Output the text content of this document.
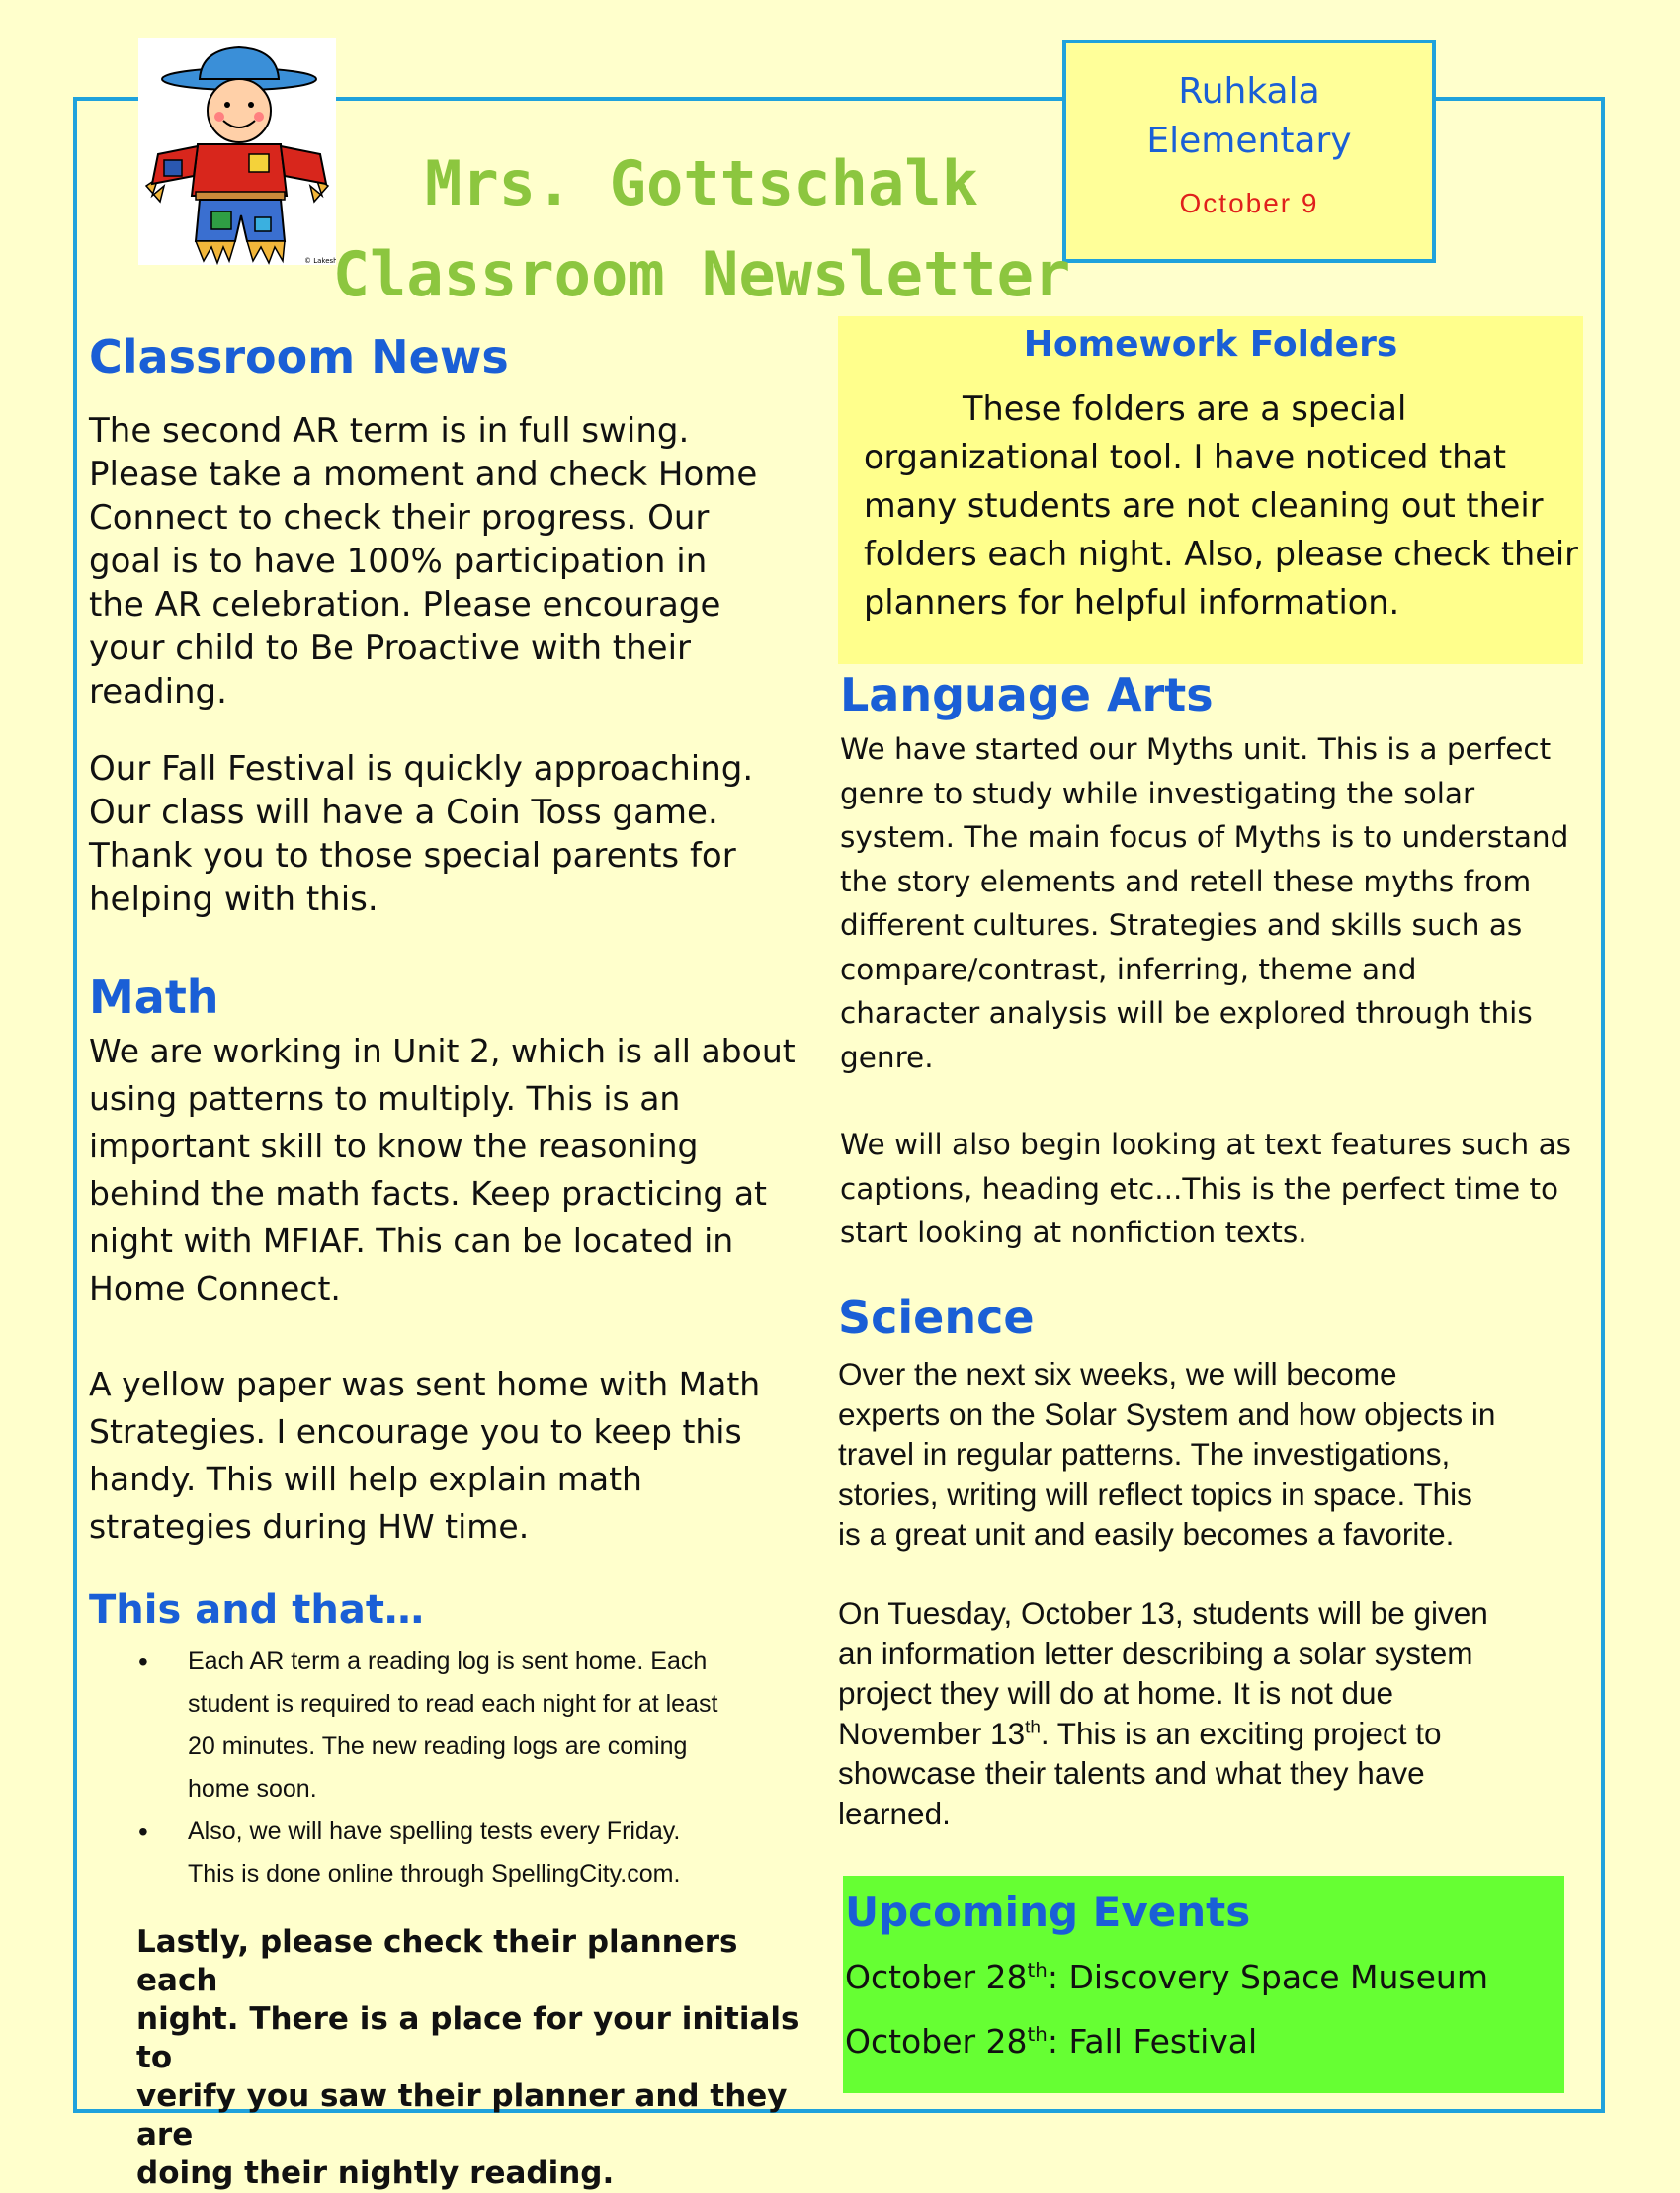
© Lakesh
Ruhkala
Elementary
October 9
Mrs. Gottschalk
Classroom Newsletter
Classroom News
The second AR term is in full swing.
Please take a moment and check Home
Connect to check their progress. Our
goal is to have 100% participation in
the AR celebration. Please encourage
your child to Be Proactive with their
reading.
Our Fall Festival is quickly approaching.
Our class will have a Coin Toss game.
Thank you to those special parents for
helping with this.
Math
We are working in Unit 2, which is all about
using patterns to multiply. This is an
important skill to know the reasoning
behind the math facts. Keep practicing at
night with MFIAF. This can be located in
Home Connect.
A yellow paper was sent home with Math
Strategies. I encourage you to keep this
handy. This will help explain math
strategies during HW time.
This and that…
• Each AR term a reading log is sent home. Each
student is required to read each night for at least
20 minutes. The new reading logs are coming
home soon.
• Also, we will have spelling tests every Friday.
This is done online through SpellingCity.com.
Lastly, please check their planners each
night. There is a place for your initials to
verify you saw their planner and they are
doing their nightly reading.
Homework Folders
These folders are a special
organizational tool. I have noticed that
many students are not cleaning out their
folders each night. Also, please check their
planners for helpful information.
Language Arts
We have started our Myths unit. This is a perfect
genre to study while investigating the solar
system. The main focus of Myths is to understand
the story elements and retell these myths from
different cultures. Strategies and skills such as
compare/contrast, inferring, theme and
character analysis will be explored through this
genre.
We will also begin looking at text features such as
captions, heading etc...This is the perfect time to
start looking at nonfiction texts.
Science
Over the next six weeks, we will become
experts on the Solar System and how objects in
travel in regular patterns. The investigations,
stories, writing will reflect topics in space. This
is a great unit and easily becomes a favorite.
On Tuesday, October 13, students will be given
an information letter describing a solar system
project they will do at home. It is not due
November 13th. This is an exciting project to
showcase their talents and what they have
learned.
Upcoming Events
October 28th: Discovery Space Museum
October 28th: Fall Festival
